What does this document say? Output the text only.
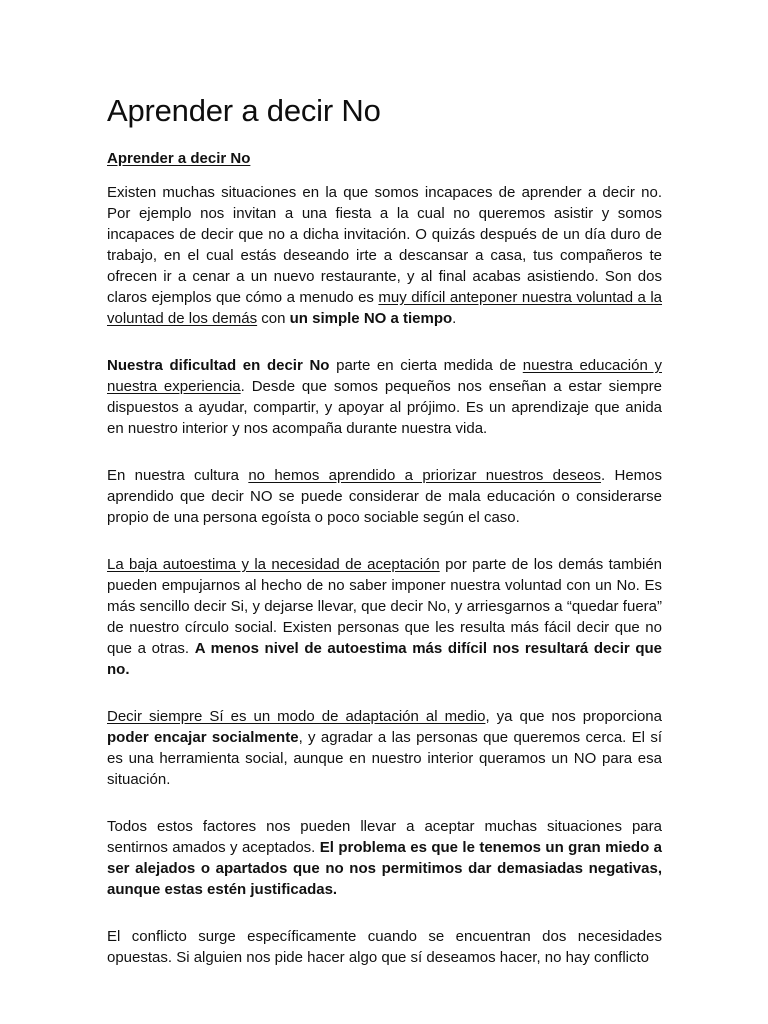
Aprender a decir No
Aprender a decir No

Existen muchas situaciones en la que somos incapaces de aprender a decir no. Por ejemplo nos invitan a una fiesta a la cual no queremos asistir y somos incapaces de decir que no a dicha invitación. O quizás después de un día duro de trabajo, en el cual estás deseando irte a descansar a casa, tus compañeros te ofrecen ir a cenar a un nuevo restaurante, y al final acabas asistiendo. Son dos claros ejemplos que cómo a menudo es muy difícil anteponer nuestra voluntad a la voluntad de los demás con un simple NO a tiempo.

Nuestra dificultad en decir No parte en cierta medida de nuestra educación y nuestra experiencia. Desde que somos pequeños nos enseñan a estar siempre dispuestos a ayudar, compartir, y apoyar al prójimo. Es un aprendizaje que anida en nuestro interior y nos acompaña durante nuestra vida.

En nuestra cultura no hemos aprendido a priorizar nuestros deseos. Hemos aprendido que decir NO se puede considerar de mala educación o considerarse propio de una persona egoísta o poco sociable según el caso.

La baja autoestima y la necesidad de aceptación por parte de los demás también pueden empujarnos al hecho de no saber imponer nuestra voluntad con un No. Es más sencillo decir Si, y dejarse llevar, que decir No, y arriesgarnos a “quedar fuera” de nuestro círculo social. Existen personas que les resulta más fácil decir que no que a otras. A menos nivel de autoestima más difícil nos resultará decir que no.

Decir siempre Sí es un modo de adaptación al medio, ya que nos proporciona poder encajar socialmente, y agradar a las personas que queremos cerca. El sí es una herramienta social, aunque en nuestro interior queramos un NO para esa situación.

Todos estos factores nos pueden llevar a aceptar muchas situaciones para sentirnos amados y aceptados. El problema es que le tenemos un gran miedo a ser alejados o apartados que no nos permitimos dar demasiadas negativas, aunque estas estén justificadas.

El conflicto surge específicamente cuando se encuentran dos necesidades opuestas. Si alguien nos pide hacer algo que sí deseamos hacer, no hay conflicto
